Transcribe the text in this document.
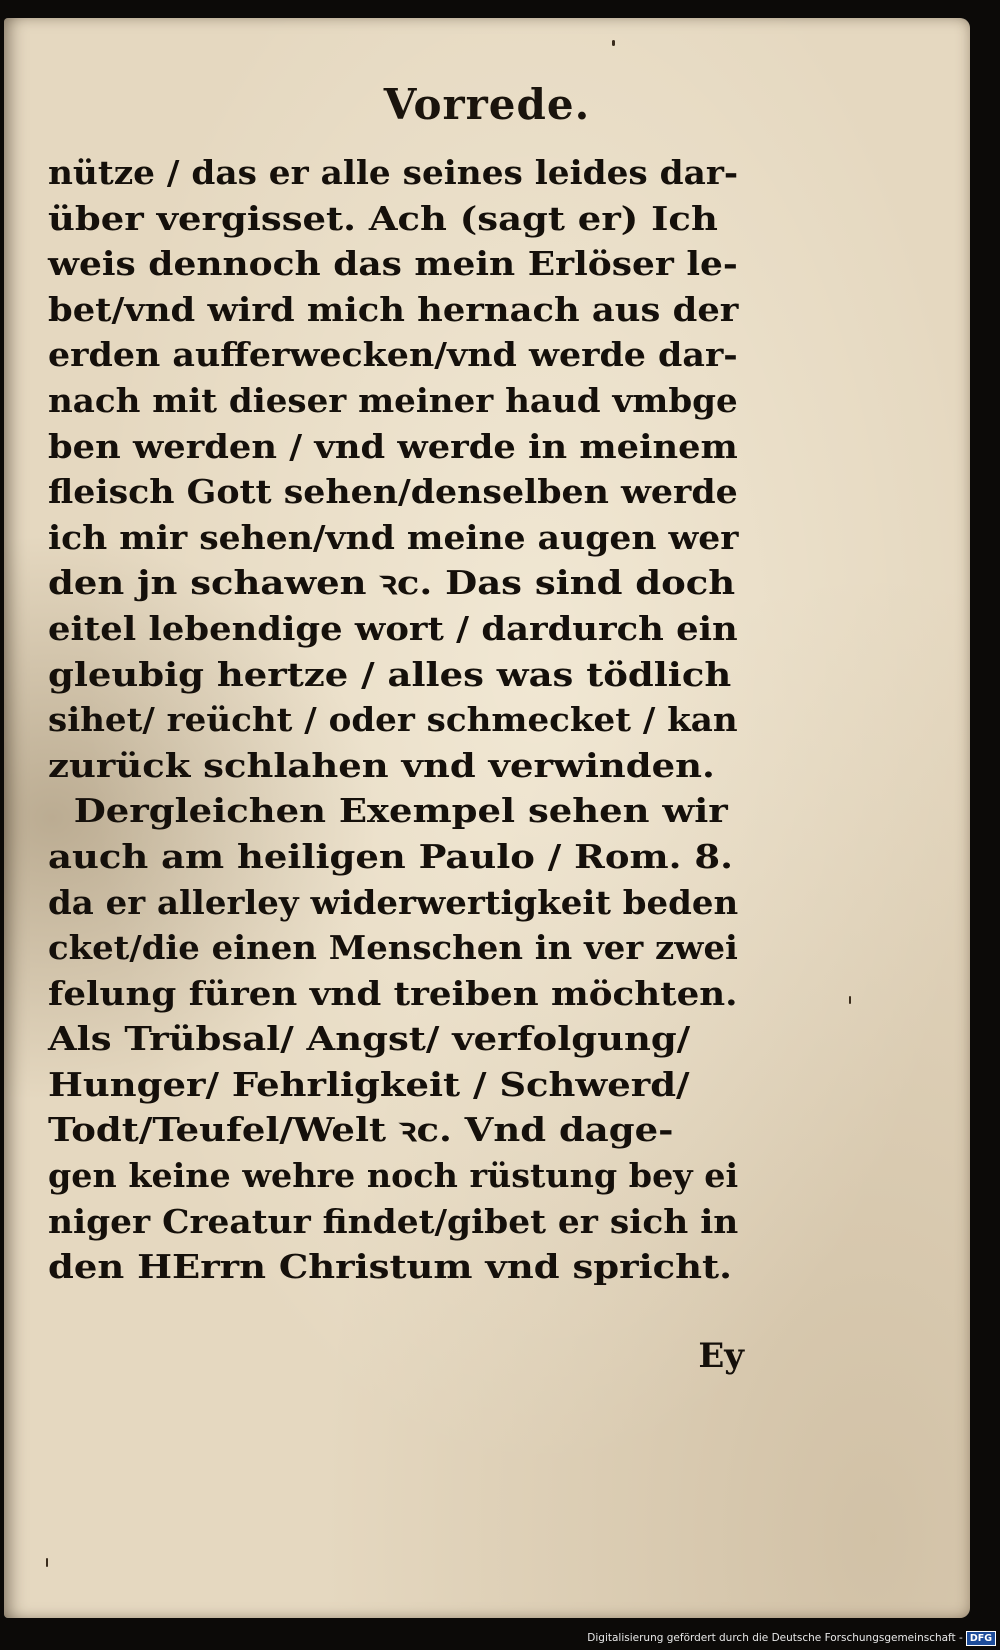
Vorrede.
nütze / das er alle seines leides dar-
über vergisset. Ach (sagt er) Ich
weis dennoch das mein Erlöser le-
bet/vnd wird mich hernach aus der
erden aufferwecken/vnd werde dar-
nach mit dieser meiner haud vmbge
ben werden / vnd werde in meinem
fleisch Gott sehen/denselben werde
ich mir sehen/vnd meine augen wer
den jn schawen ꝛc. Das sind doch
eitel lebendige wort / dardurch ein
gleubig hertze / alles was tödlich
sihet/ reücht / oder schmecket / kan
zurück schlahen vnd verwinden.
Dergleichen Exempel sehen wir
auch am heiligen Paulo / Rom. 8.
da er allerley widerwertigkeit beden
cket/die einen Menschen in ver zwei
felung füren vnd treiben möchten.
Als Trübsal/ Angst/ verfolgung/
Hunger/ Fehrligkeit / Schwerd/
Todt/Teufel/Welt ꝛc. Vnd dage-
gen keine wehre noch rüstung bey ei
niger Creatur findet/gibet er sich in
den HErrn Christum vnd spricht.
Ey
Digitalisierung gefördert durch die Deutsche Forschungsgemeinschaft - DFG
